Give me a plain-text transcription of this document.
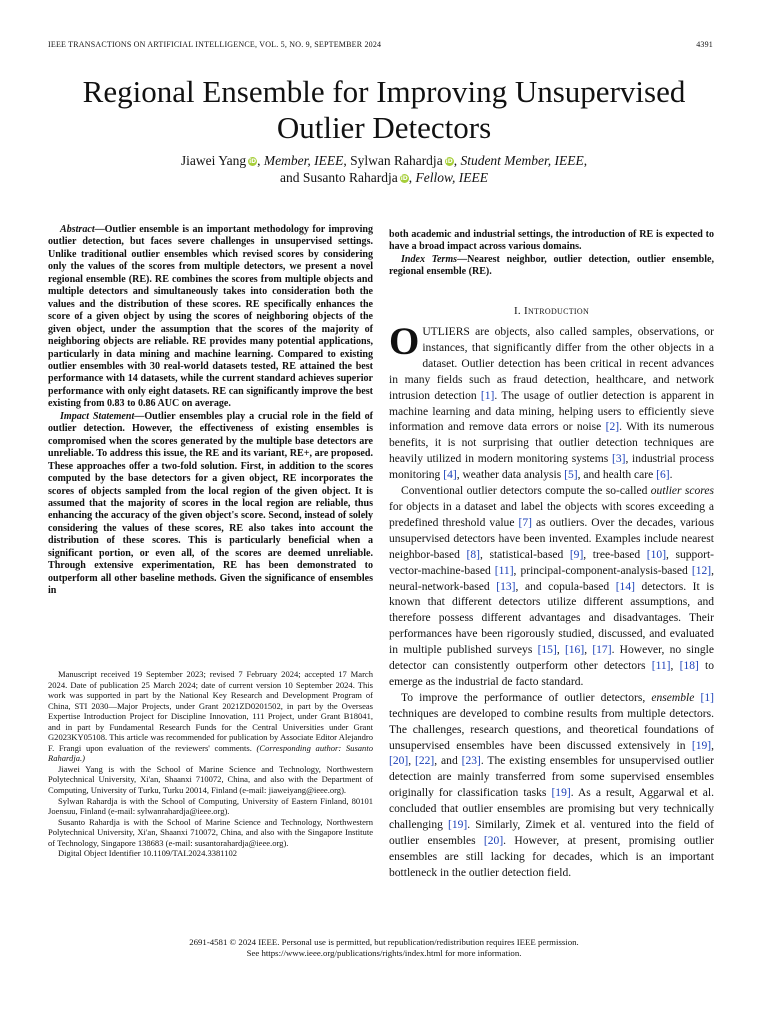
IEEE TRANSACTIONS ON ARTIFICIAL INTELLIGENCE, VOL. 5, NO. 9, SEPTEMBER 2024	4391
Regional Ensemble for Improving Unsupervised
Outlier Detectors
Jiawei Yang iD, Member, IEEE, Sylwan Rahardja iD, Student Member, IEEE,
and Susanto Rahardja iD, Fellow, IEEE

Abstract—Outlier ensemble is an important methodology for improving outlier detection, but faces severe challenges in unsupervised settings. Unlike traditional outlier ensembles which revised scores by considering only the values of the scores from multiple detectors, we present a novel regional ensemble (RE). RE combines the scores from multiple objects and multiple detectors and simultaneously takes into consideration both the values and the distribution of these scores. RE specifically enhances the score of a given object by using the scores of neighboring objects of the given object, under the assumption that the scores of the majority of neighboring objects are reliable. RE provides many potential applications, particularly in data mining and machine learning. Compared to existing outlier ensembles with 30 real-world datasets tested, RE attained the best performance with 14 datasets, while the current standard achieves superior performance with only eight datasets. RE can significantly improve the best existing from 0.83 to 0.86 AUC on average.

Impact Statement—Outlier ensembles play a crucial role in the field of outlier detection. However, the effectiveness of existing ensembles is compromised when the scores generated by the multiple base detectors are unreliable. To address this issue, the RE and its variant, RE+, are proposed. These approaches offer a two-fold solution. First, in addition to the scores computed by the base detectors for a given object, RE incorporates the scores of objects sampled from the local region of the given object. It is assumed that the majority of scores in the local region are reliable, thus enhancing the accuracy of the given object's score. Second, instead of solely considering the values of these scores, RE also takes into account the distribution of these scores. This is particularly beneficial when a significant portion, or even all, of the scores are deemed unreliable. Through extensive experimentation, RE has been demonstrated to outperform all other baseline methods. Given the significance of ensembles in

Manuscript received 19 September 2023; revised 7 February 2024; accepted 17 March 2024. Date of publication 25 March 2024; date of current version 10 September 2024. This work was supported in part by the National Key Research and Development Program of China, STI 2030—Major Projects, under Grant 2021ZD0201502, in part by the Overseas Expertise Introduction Project for Discipline Innovation, 111 Project, under Grant B18041, and in part by Fundamental Research Funds for the Central Universities under Grant G2023KY05108. This article was recommended for publication by Associate Editor Alejandro F. Frangi upon evaluation of the reviewers' comments. (Corresponding author: Susanto Rahardja.)

Jiawei Yang is with the School of Marine Science and Technology, Northwestern Polytechnical University, Xi'an, Shaanxi 710072, China, and also with the Department of Computing, University of Turku, Turku 20014, Finland (e-mail: jiaweiyang@ieee.org).

Sylwan Rahardja is with the School of Computing, University of Eastern Finland, 80101 Joensuu, Finland (e-mail: sylwanrahardja@ieee.org).

Susanto Rahardja is with the School of Marine Science and Technology, Northwestern Polytechnical University, Xi'an, Shaanxi 710072, China, and also with the Singapore Institute of Technology, Singapore 138683 (e-mail: susantorahardja@ieee.org).

Digital Object Identifier 10.1109/TAI.2024.3381102

both academic and industrial settings, the introduction of RE is expected to have a broad impact across various domains.

Index Terms—Nearest neighbor, outlier detection, outlier ensemble, regional ensemble (RE).

I. Introduction

OUTLIERS are objects, also called samples, observations, or instances, that significantly differ from the other objects in a dataset. Outlier detection has been critical in recent advances in many fields such as fraud detection, healthcare, and network intrusion detection [1]. The usage of outlier detection is apparent in machine learning and data mining, helping users to efficiently sieve information and remove data errors or noise [2]. With its numerous benefits, it is not surprising that outlier detection techniques are heavily utilized in modern monitoring systems [3], industrial process monitoring [4], weather data analysis [5], and health care [6].

Conventional outlier detectors compute the so-called outlier scores for objects in a dataset and label the objects with scores exceeding a predefined threshold value [7] as outliers. Over the decades, various unsupervised detectors have been invented. Examples include nearest neighbor-based [8], statistical-based [9], tree-based [10], support-vector-machine-based [11], principal-component-analysis-based [12], neural-network-based [13], and copula-based [14] detectors. It is known that different detectors utilize different assumptions, and therefore possess different advantages and disadvantages. Their performances have been rigorously studied, discussed, and evaluated in multiple published surveys [15], [16], [17]. However, no single detector can consistently outperform other detectors [11], [18] to emerge as the industrial de facto standard.

To improve the performance of outlier detectors, ensemble [1] techniques are developed to combine results from multiple detectors. The challenges, research questions, and theoretical foundations of unsupervised ensembles have been discussed extensively in [19], [20], [22], and [23]. The existing ensembles for unsupervised outlier detection are mainly transferred from some supervised ensembles originally for classification tasks [19]. As a result, Aggarwal et al. concluded that outlier ensembles are promising but very technically challenging [19]. Similarly, Zimek et al. ventured into the field of outlier ensembles [20]. However, at present, promising outlier ensembles are still lacking for decades, which is an important bottleneck in the outlier detection field.

2691-4581 © 2024 IEEE. Personal use is permitted, but republication/redistribution requires IEEE permission.
See https://www.ieee.org/publications/rights/index.html for more information.
